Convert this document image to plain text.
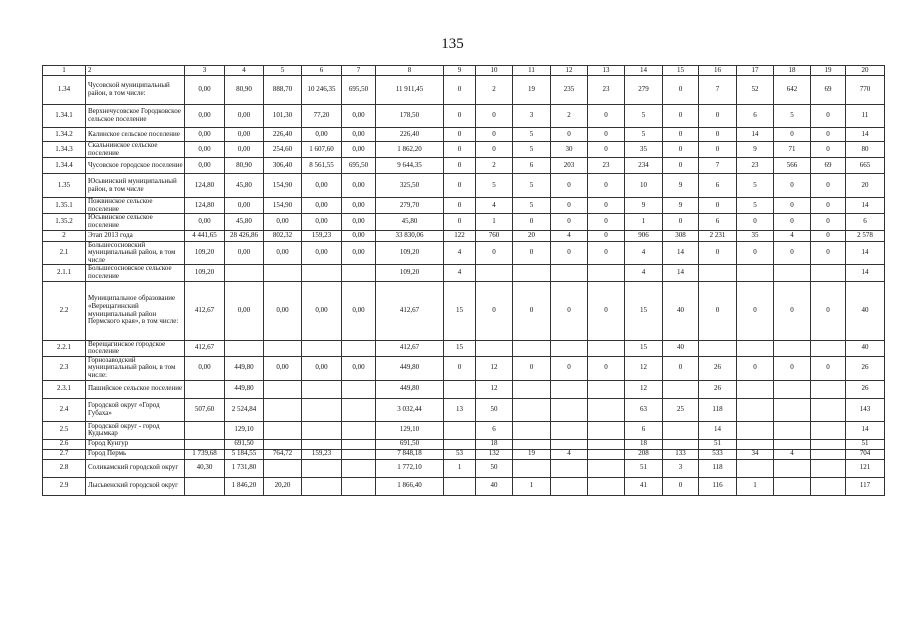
135
1	2	3	4	5	6	7	8	9	10	11	12	13	14	15	16	17	18	19	20
1.34	Чусовской муниципальный район, в том числе:	0,00	80,90	888,70	10 246,35	695,50	11 911,45	0	2	19	235	23	279	0	7	52	642	69	770
1.34.1	Верхнечусовское Городковское сельское поселение	0,00	0,00	101,30	77,20	0,00	178,50	0	0	3	2	0	5	0	0	6	5	0	11
1.34.2	Калинское сельское поселение	0,00	0,00	226,40	0,00	0,00	226,40	0	0	5	0	0	5	0	0	14	0	0	14
1.34.3	Скальнинское сельское поселение	0,00	0,00	254,60	1 607,60	0,00	1 862,20	0	0	5	30	0	35	0	0	9	71	0	80
1.34.4	Чусовское городское поселение	0,00	80,90	306,40	8 561,55	695,50	9 644,35	0	2	6	203	23	234	0	7	23	566	69	665
1.35	Юсьвинский муниципальный район, в том числе	124,80	45,80	154,90	0,00	0,00	325,50	0	5	5	0	0	10	9	6	5	0	0	20
1.35.1	Пожвинское сельское поселение	124,80	0,00	154,90	0,00	0,00	279,70	0	4	5	0	0	9	9	0	5	0	0	14
1.35.2	Юсьвинское сельское поселение	0,00	45,80	0,00	0,00	0,00	45,80	0	1	0	0	0	1	0	6	0	0	0	6
2	Этап 2013 года	4 441,65	28 426,86	802,32	159,23	0,00	33 830,06	122	760	20	4	0	906	308	2 231	35	4	0	2 578
2.1	Большесосновский муниципальный район, в том числе	109,20	0,00	0,00	0,00	0,00	109,20	4	0	0	0	0	4	14	0	0	0	0	14
2.1.1	Большесосновское сельское поселение	109,20					109,20	4					4	14					14
2.2	Муниципальное образование «Верещагинский муниципальный район Пермского края», в том числе:	412,67	0,00	0,00	0,00	0,00	412,67	15	0	0	0	0	15	40	0	0	0	0	40
2.2.1	Верещагинское городское поселение	412,67					412,67	15					15	40					40
2.3	Горнозаводский муниципальный район, в том числе:	0,00	449,80	0,00	0,00	0,00	449,80	0	12	0	0	0	12	0	26	0	0	0	26
2.3.1	Пашийское сельское поселение		449,80				449,80		12				12		26				26
2.4	Городской округ «Город Губаха»	507,60	2 524,84				3 032,44	13	50				63	25	118				143
2.5	Городской округ - город Кудымкар		129,10				129,10		6				6		14				14
2.6	Город Кунгур		691,50				691,50		18				18		51				51
2.7	Город Пермь	1 739,68	5 184,55	764,72	159,23		7 848,18	53	132	19	4		208	133	533	34	4		704
2.8	Соликамский городской округ	40,30	1 731,80				1 772,10	1	50				51	3	118				121
2.9	Лысьвенский городской округ		1 846,20	20,20			1 866,40		40	1			41	0	116	1			117
